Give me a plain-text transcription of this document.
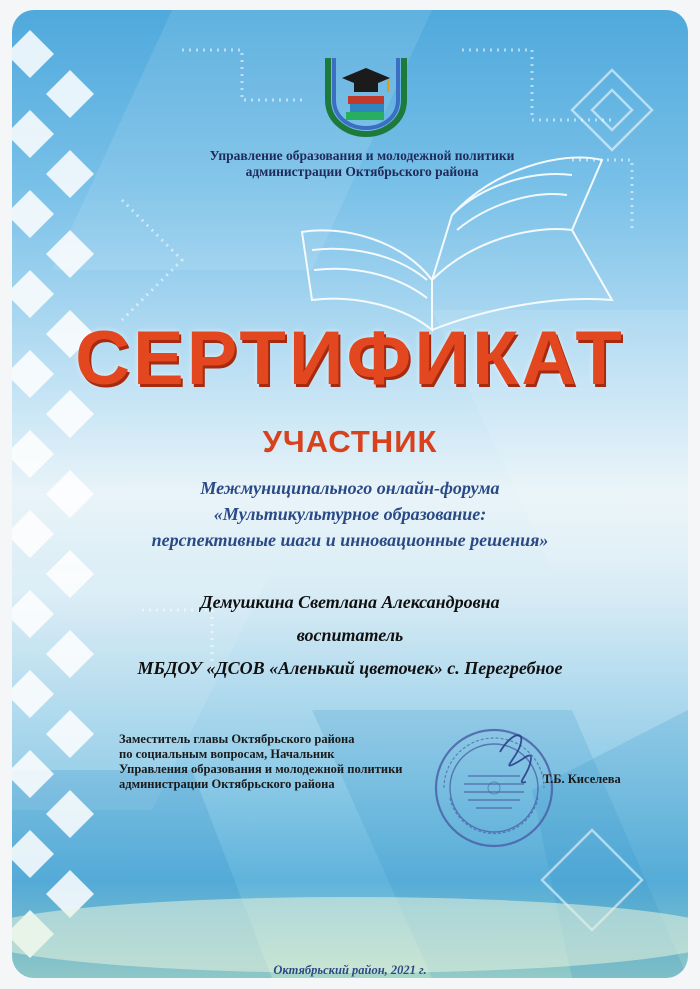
Управление образования и молодежной политики
администрации Октябрьского района
СЕРТИФИКАТ
УЧАСТНИК
Межмуниципального онлайн-форума
«Мультикультурное образование:
перспективные шаги и инновационные решения»
Демушкина Светлана Александровна
воспитатель
МБДОУ «ДСОВ «Аленький цветочек» с. Перегребное
Заместитель главы Октябрьского района
по социальным вопросам, Начальник
Управления образования и молодежной политики
администрации Октябрьского района	Т.Б. Киселева
Октябрьский район, 2021 г.
